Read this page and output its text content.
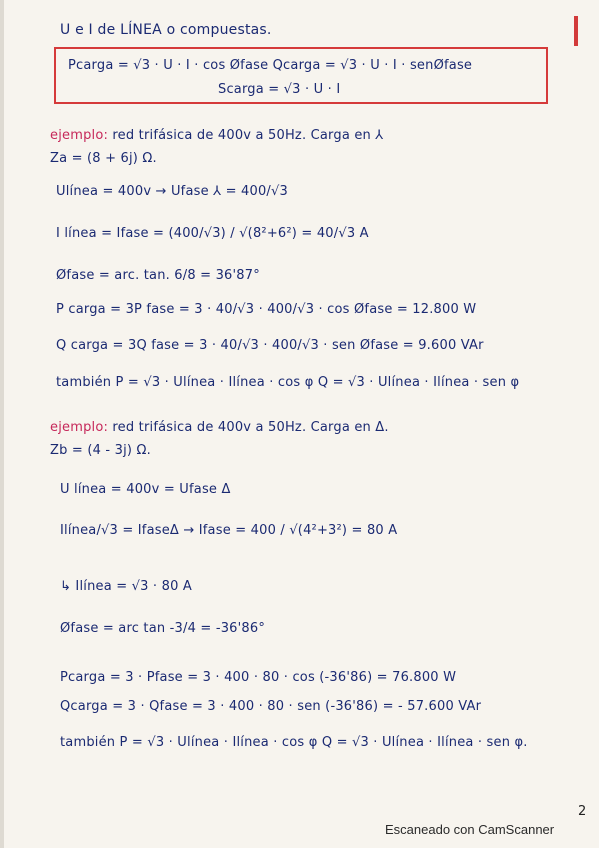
U e I de LÍNEA o compuestas.
Pcarga = √3 · U · I · cos Øfase Qcarga = √3 · U · I · senØfase
Scarga = √3 · U · I
ejemplo: red trifásica de 400v a 50Hz. Carga en ⅄
Za = (8 + 6j) Ω.
Ulínea = 400v → Ufase ⅄ = 400/√3
I línea = Ifase = (400/√3) / √(8²+6²) = 40/√3 A
Øfase = arc. tan. 6/8 = 36'87°
P carga = 3P fase = 3 · 40/√3 · 400/√3 · cos Øfase = 12.800 W
Q carga = 3Q fase = 3 · 40/√3 · 400/√3 · sen Øfase = 9.600 VAr
también P = √3 · Ulínea · Ilínea · cos φ Q = √3 · Ulínea · Ilínea · sen φ
ejemplo: red trifásica de 400v a 50Hz. Carga en Δ.
Zb = (4 - 3j) Ω.
U línea = 400v = Ufase Δ
Ilínea/√3 = IfaseΔ → Ifase = 400 / √(4²+3²) = 80 A
↳ Ilínea = √3 · 80 A
Øfase = arc tan -3/4 = -36'86°
Pcarga = 3 · Pfase = 3 · 400 · 80 · cos (-36'86) = 76.800 W
Qcarga = 3 · Qfase = 3 · 400 · 80 · sen (-36'86) = - 57.600 VAr
también P = √3 · Ulínea · Ilínea · cos φ Q = √3 · Ulínea · Ilínea · sen φ.
2
Escaneado con CamScanner
